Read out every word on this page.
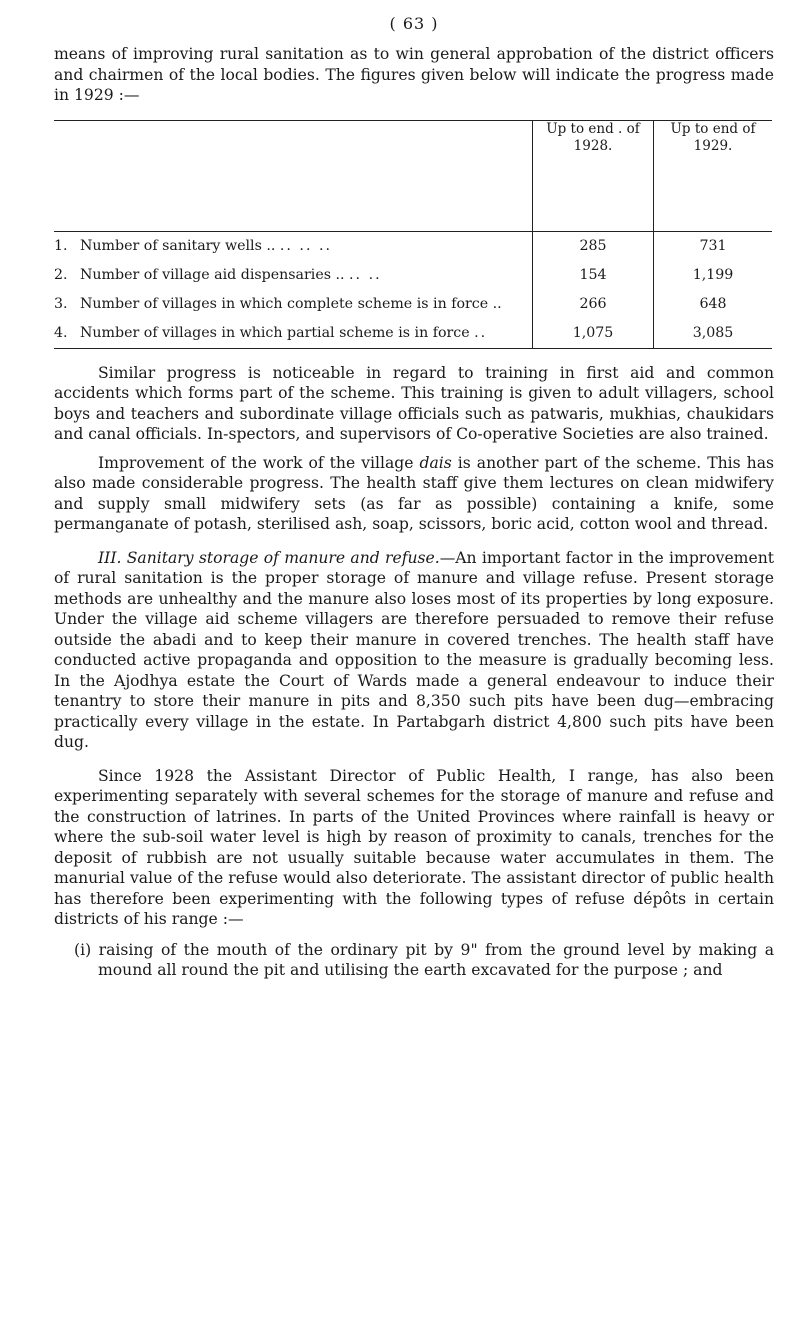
( 63 )

means of improving rural sanitation as to win general approbation of the district officers and chairmen of the local bodies. The figures given below will indicate the progress made in 1929 :—

	Up to end . of 1928.	Up to end of 1929.
1. Number of sanitary wells .. .. .. ..	285	731
2. Number of village aid dispensaries .. .. ..	154	1,199
3. Number of villages in which complete scheme is in force ..	266	648
4. Number of villages in which partial scheme is in force ..	1,075	3,085

Similar progress is noticeable in regard to training in first aid and common accidents which forms part of the scheme. This training is given to adult villagers, school boys and teachers and subordinate village officials such as patwaris, mukhias, chaukidars and canal officials. In-spectors, and supervisors of Co-operative Societies are also trained.

Improvement of the work of the village dais is another part of the scheme. This has also made considerable progress. The health staff give them lectures on clean midwifery and supply small midwifery sets (as far as possible) containing a knife, some permanganate of potash, sterilised ash, soap, scissors, boric acid, cotton wool and thread.

III. Sanitary storage of manure and refuse.—An important factor in the improvement of rural sanitation is the proper storage of manure and village refuse. Present storage methods are unhealthy and the manure also loses most of its properties by long exposure. Under the village aid scheme villagers are therefore persuaded to remove their refuse outside the abadi and to keep their manure in covered trenches. The health staff have conducted active propaganda and opposition to the measure is gradually becoming less. In the Ajodhya estate the Court of Wards made a general endeavour to induce their tenantry to store their manure in pits and 8,350 such pits have been dug—embracing practically every village in the estate. In Partabgarh district 4,800 such pits have been dug.

Since 1928 the Assistant Director of Public Health, I range, has also been experimenting separately with several schemes for the storage of manure and refuse and the construction of latrines. In parts of the United Provinces where rainfall is heavy or where the sub-soil water level is high by reason of proximity to canals, trenches for the deposit of rubbish are not usually suitable because water accumulates in them. The manurial value of the refuse would also deteriorate. The assistant director of public health has therefore been experimenting with the following types of refuse dépôts in certain districts of his range :—

(i) raising of the mouth of the ordinary pit by 9" from the ground level by making a mound all round the pit and utilising the earth excavated for the purpose ; and
